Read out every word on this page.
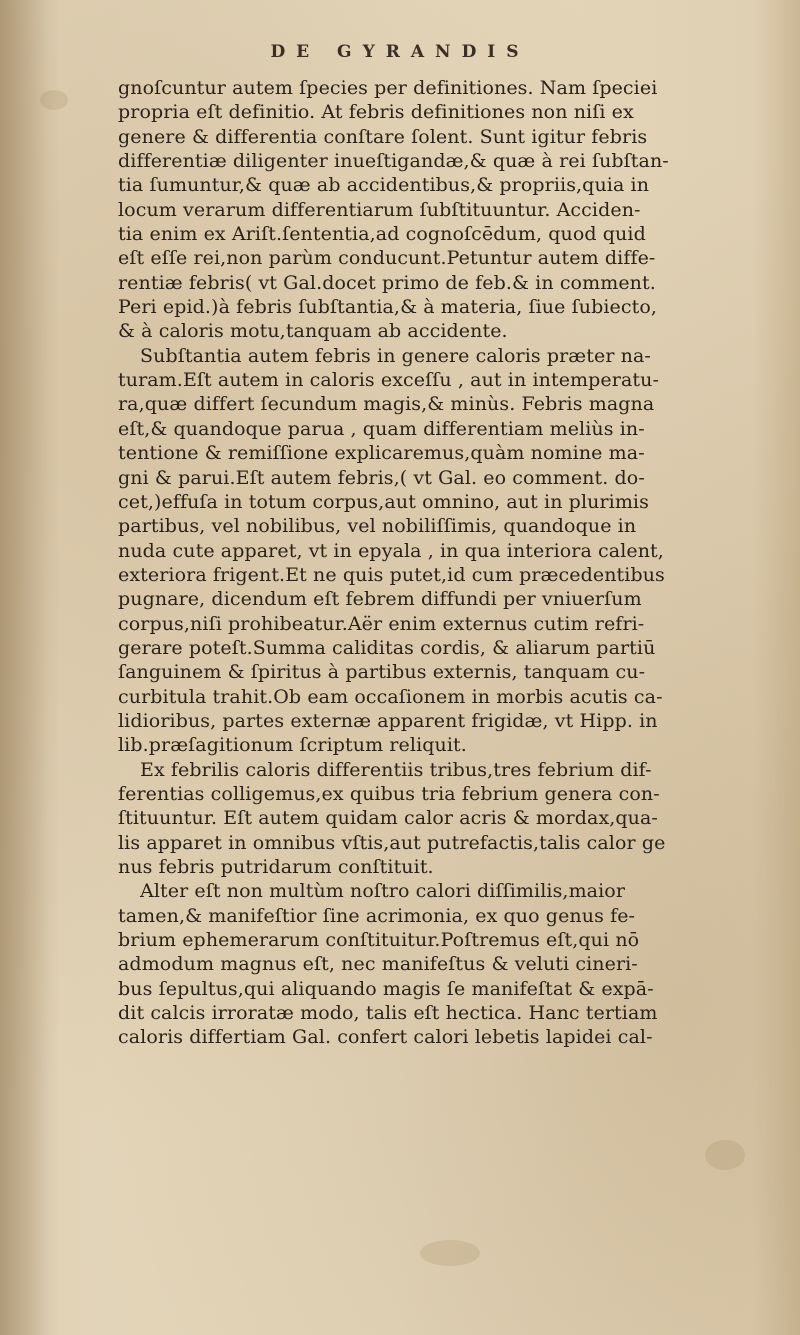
DE GYRANDIS
gnoſcuntur autem ſpecies per definitiones. Nam ſpeciei
propria eſt definitio. At febris definitiones non niſi ex
genere & differentia conſtare ſolent. Sunt igitur febris
differentiæ diligenter inueſtigandæ,& quæ à rei ſubſtan-
tia ſumuntur,& quæ ab accidentibus,& propriis,quia in
locum verarum differentiarum ſubſtituuntur. Acciden-
tia enim ex Ariſt.ſententia,ad cognoſcēdum, quod quid
eſt eſſe rei,non parùm conducunt.Petuntur autem diffe-
rentiæ febris( vt Gal.docet primo de feb.& in comment.
Peri epid.)à febris ſubſtantia,& à materia, ſiue ſubiecto,
& à caloris motu,tanquam ab accidente.
Subſtantia autem febris in genere caloris præter na-
turam.Eſt autem in caloris exceſſu , aut in intemperatu-
ra,quæ differt ſecundum magis,& minùs. Febris magna
eſt,& quandoque parua , quam differentiam meliùs in-
tentione & remiſſione explicaremus,quàm nomine ma-
gni & parui.Eſt autem febris,( vt Gal. eo comment. do-
cet,)effuſa in totum corpus,aut omnino, aut in plurimis
partibus, vel nobilibus, vel nobiliſſimis, quandoque in
nuda cute apparet, vt in epyala , in qua interiora calent,
exteriora frigent.Et ne quis putet,id cum præcedentibus
pugnare, dicendum eſt febrem diffundi per vniuerſum
corpus,niſi prohibeatur.Aër enim externus cutim refri-
gerare poteſt.Summa caliditas cordis, & aliarum partiū
ſanguinem & ſpiritus à partibus externis, tanquam cu-
curbitula trahit.Ob eam occaſionem in morbis acutis ca-
lidioribus, partes externæ apparent frigidæ, vt Hipp. in
lib.præſagitionum ſcriptum reliquit.
Ex febrilis caloris differentiis tribus,tres febrium dif-
ferentias colligemus,ex quibus tria febrium genera con-
ſtituuntur. Eſt autem quidam calor acris & mordax,qua-
lis apparet in omnibus vſtis,aut putrefactis,talis calor ge
nus febris putridarum conſtituit.
Alter eſt non multùm noſtro calori diſſimilis,maior
tamen,& manifeſtior ſine acrimonia, ex quo genus fe-
brium ephemerarum conſtituitur.Poſtremus eſt,qui nō
admodum magnus eſt, nec manifeſtus & veluti cineri-
bus ſepultus,qui aliquando magis ſe manifeſtat & expā-
dit calcis irroratæ modo, talis eſt hectica. Hanc tertiam
caloris differtiam Gal. confert calori lebetis lapidei cal-
